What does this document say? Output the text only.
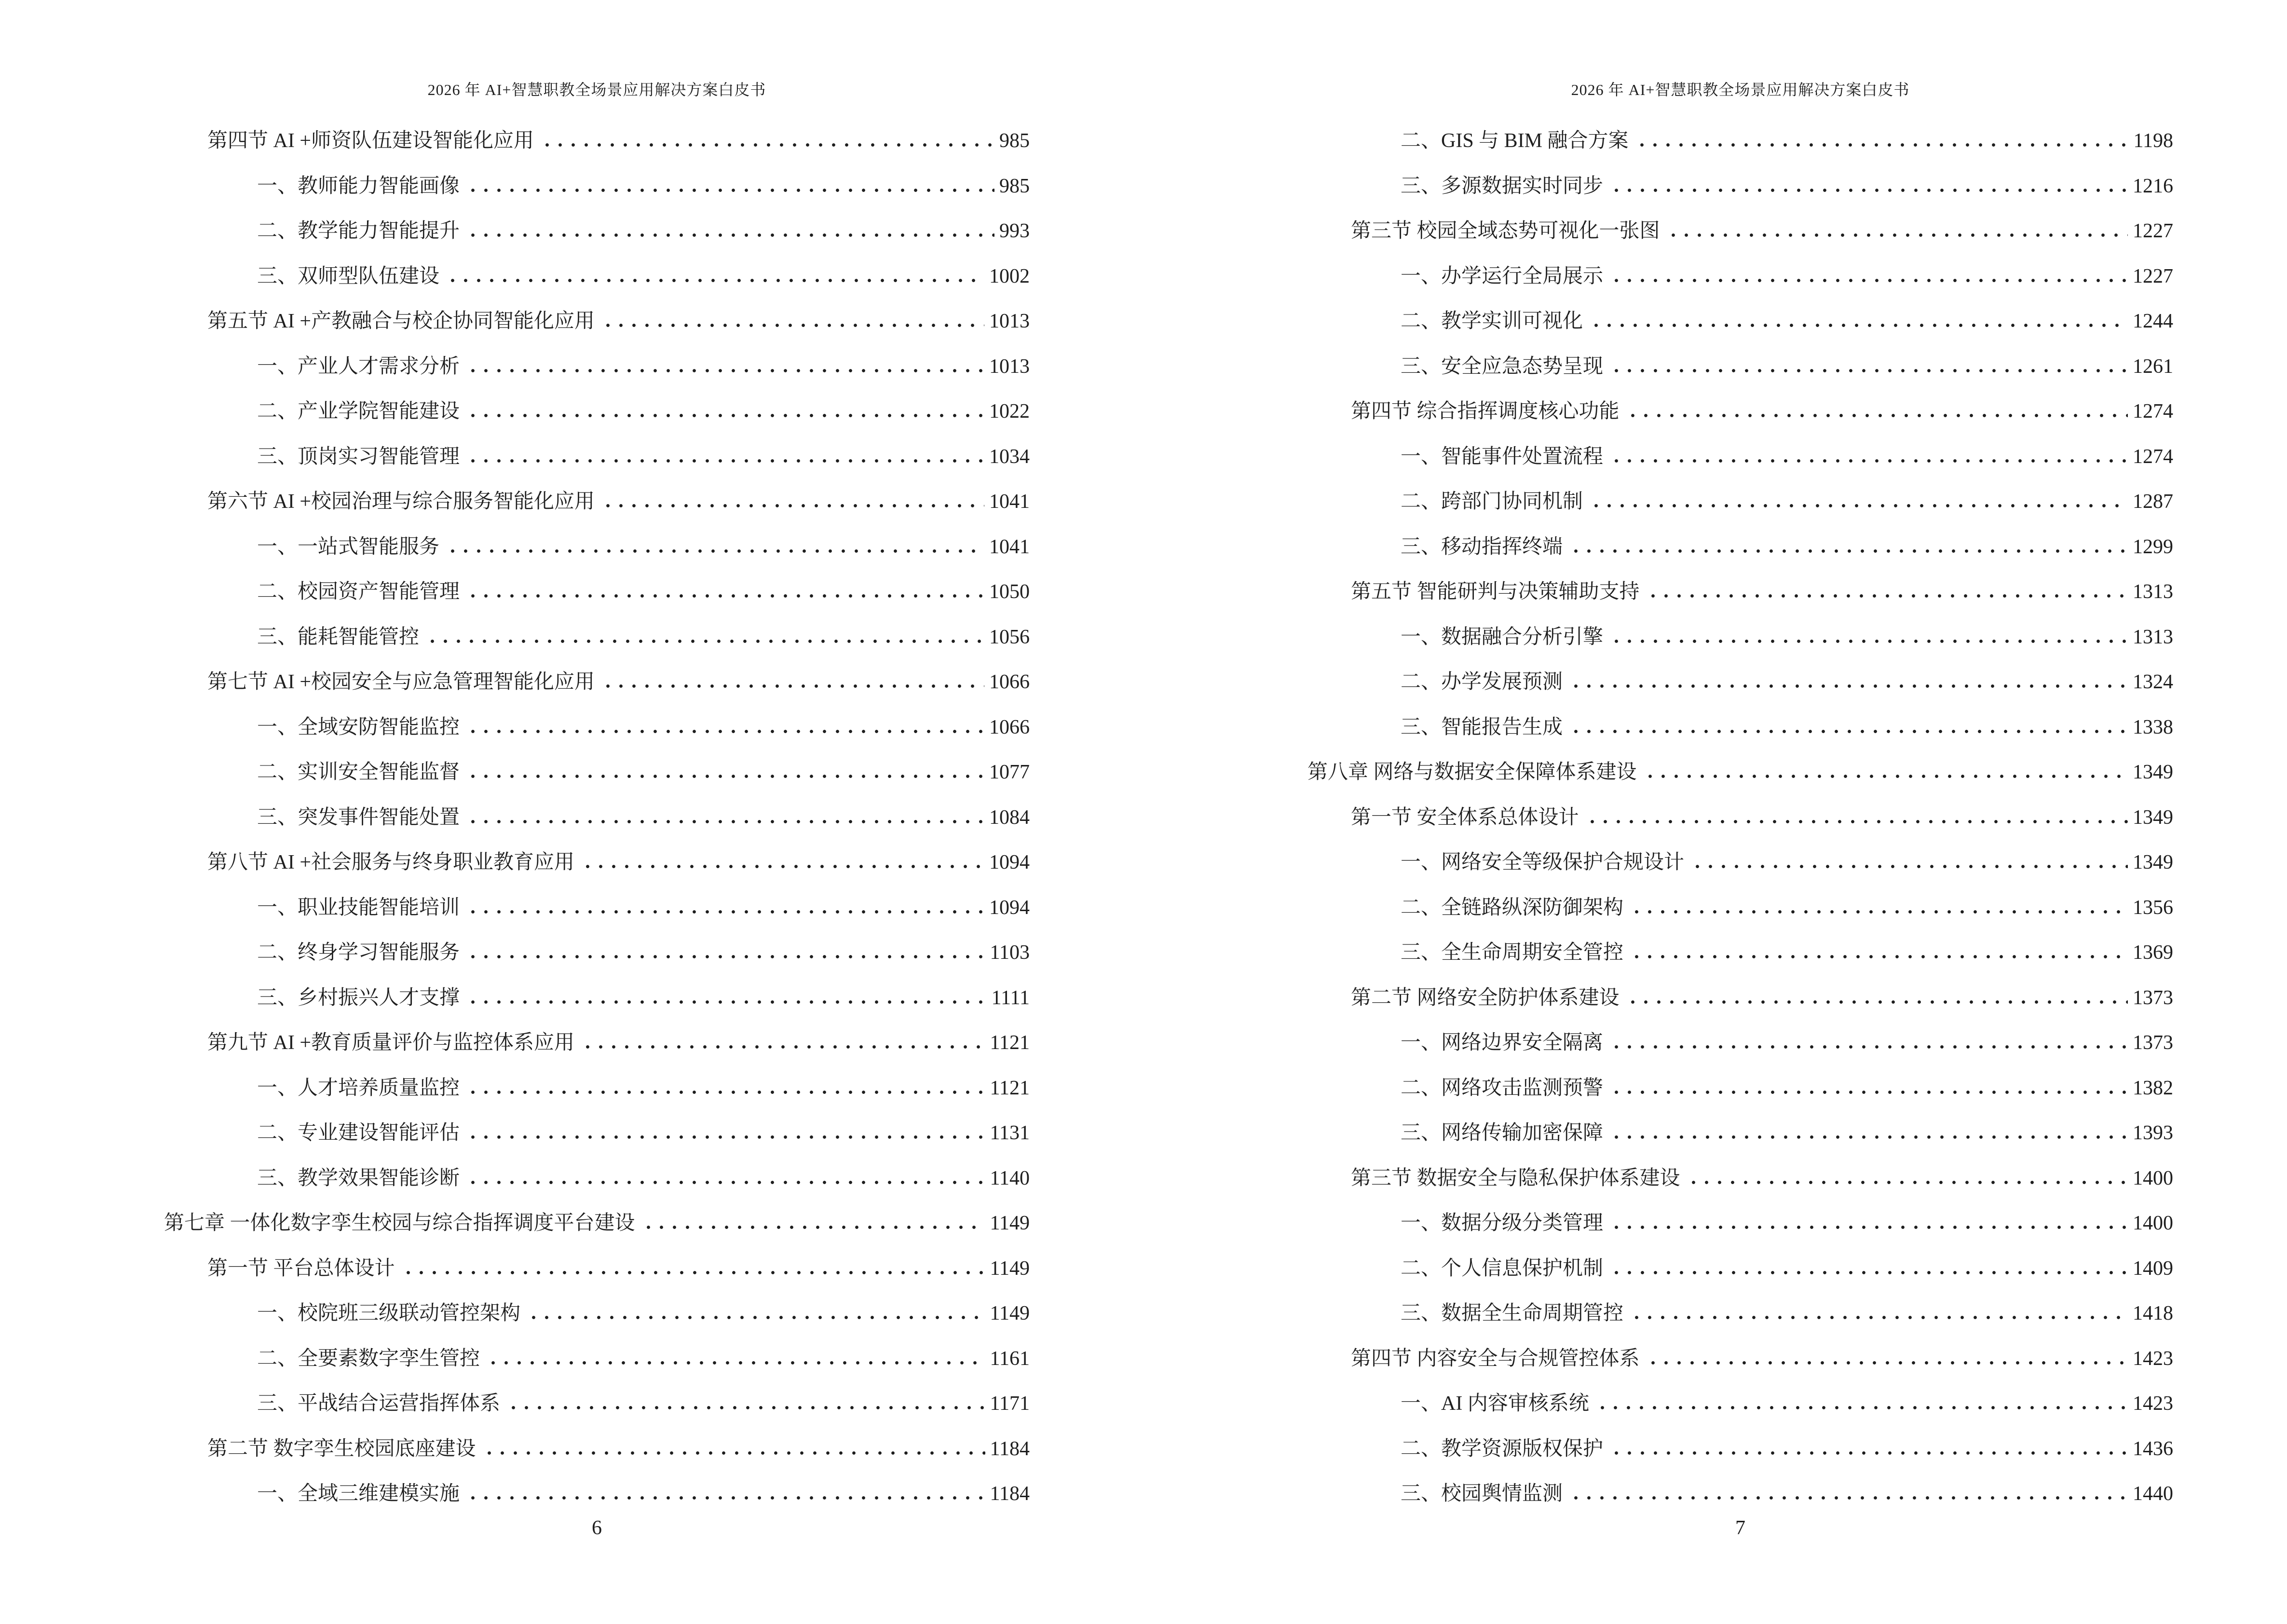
2026 年 AI+智慧职教全场景应用解决方案白皮书
第四节 AI +师资队伍建设智能化应用	985
一、教师能力智能画像	985
二、教学能力智能提升	993
三、双师型队伍建设	1002
第五节 AI +产教融合与校企协同智能化应用	1013
一、产业人才需求分析	1013
二、产业学院智能建设	1022
三、顶岗实习智能管理	1034
第六节 AI +校园治理与综合服务智能化应用	1041
一、一站式智能服务	1041
二、校园资产智能管理	1050
三、能耗智能管控	1056
第七节 AI +校园安全与应急管理智能化应用	1066
一、全域安防智能监控	1066
二、实训安全智能监督	1077
三、突发事件智能处置	1084
第八节 AI +社会服务与终身职业教育应用	1094
一、职业技能智能培训	1094
二、终身学习智能服务	1103
三、乡村振兴人才支撑	1111
第九节 AI +教育质量评价与监控体系应用	1121
一、人才培养质量监控	1121
二、专业建设智能评估	1131
三、教学效果智能诊断	1140
第七章 一体化数字孪生校园与综合指挥调度平台建设	1149
第一节 平台总体设计	1149
一、校院班三级联动管控架构	1149
二、全要素数字孪生管控	1161
三、平战结合运营指挥体系	1171
第二节 数字孪生校园底座建设	1184
一、全域三维建模实施	1184
6
2026 年 AI+智慧职教全场景应用解决方案白皮书
二、GIS 与 BIM 融合方案	1198
三、多源数据实时同步	1216
第三节 校园全域态势可视化一张图	1227
一、办学运行全局展示	1227
二、教学实训可视化	1244
三、安全应急态势呈现	1261
第四节 综合指挥调度核心功能	1274
一、智能事件处置流程	1274
二、跨部门协同机制	1287
三、移动指挥终端	1299
第五节 智能研判与决策辅助支持	1313
一、数据融合分析引擎	1313
二、办学发展预测	1324
三、智能报告生成	1338
第八章 网络与数据安全保障体系建设	1349
第一节 安全体系总体设计	1349
一、网络安全等级保护合规设计	1349
二、全链路纵深防御架构	1356
三、全生命周期安全管控	1369
第二节 网络安全防护体系建设	1373
一、网络边界安全隔离	1373
二、网络攻击监测预警	1382
三、网络传输加密保障	1393
第三节 数据安全与隐私保护体系建设	1400
一、数据分级分类管理	1400
二、个人信息保护机制	1409
三、数据全生命周期管控	1418
第四节 内容安全与合规管控体系	1423
一、AI 内容审核系统	1423
二、教学资源版权保护	1436
三、校园舆情监测	1440
7
